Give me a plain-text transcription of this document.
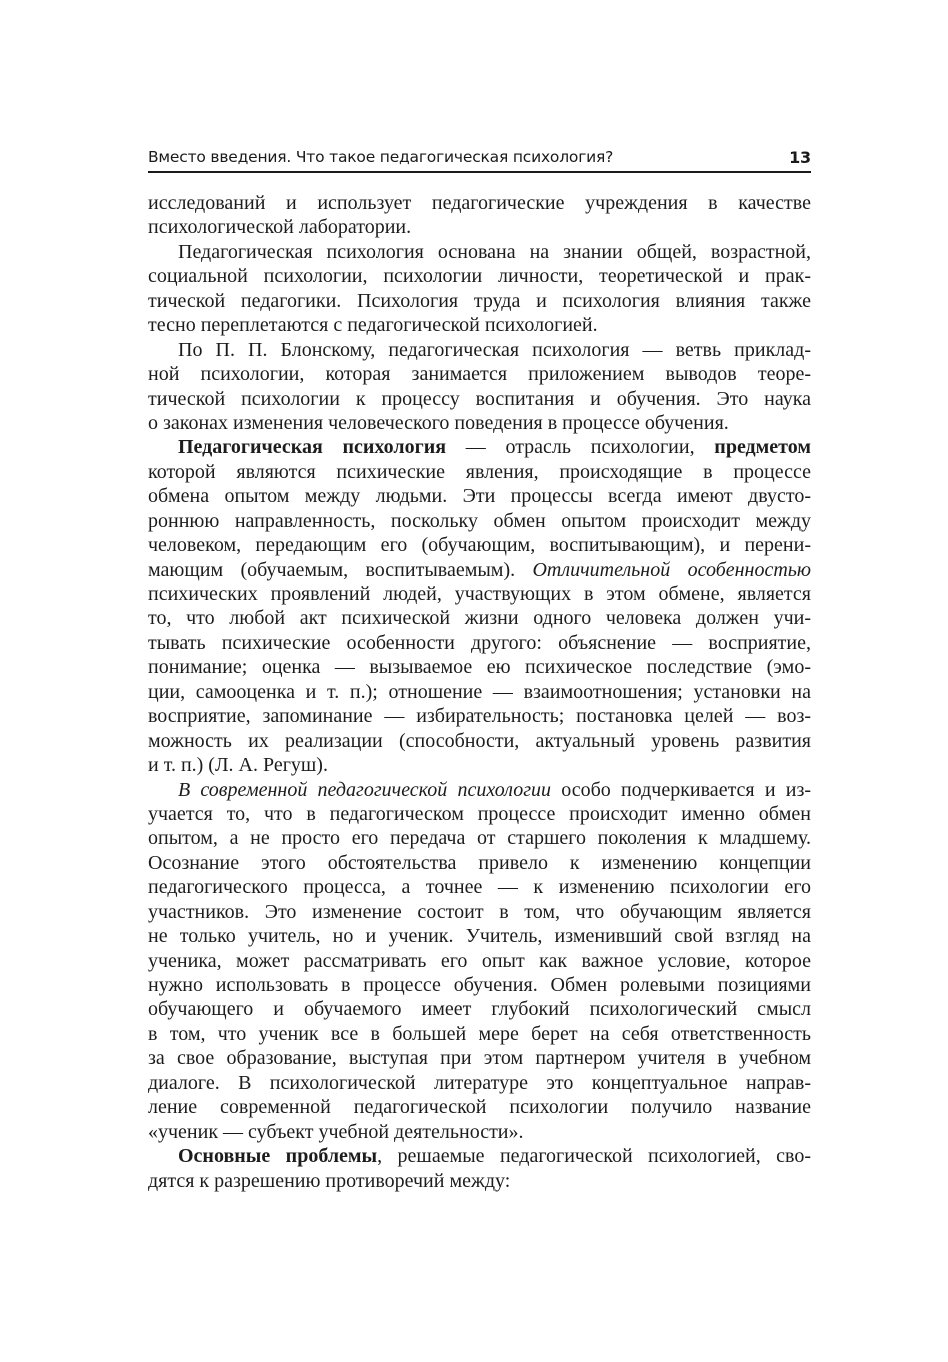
Вместо введения. Что такое педагогическая психология?	13
исследований и использует педагогические учреждения в качестве
психологической лаборатории.
Педагогическая психология основана на знании общей, возрастной,
социальной психологии, психологии личности, теоретической и прак-
тической педагогики. Психология труда и психология влияния также
тесно переплетаются с педагогической психологией.
По П. П. Блонскому, педагогическая психология — ветвь приклад-
ной психологии, которая занимается приложением выводов теоре-
тической психологии к процессу воспитания и обучения. Это наука
о законах изменения человеческого поведения в процессе обучения.
Педагогическая психология — отрасль психологии, предметом
которой являются психические явления, происходящие в процессе
обмена опытом между людьми. Эти процессы всегда имеют двусто-
роннюю направленность, поскольку обмен опытом происходит между
человеком, передающим его (обучающим, воспитывающим), и перени-
мающим (обучаемым, воспитываемым). Отличительной особенностью
психических проявлений людей, участвующих в этом обмене, является
то, что любой акт психической жизни одного человека должен учи-
тывать психические особенности другого: объяснение — восприятие,
понимание; оценка — вызываемое ею психическое последствие (эмо-
ции, самооценка и т. п.); отношение — взаимоотношения; установки на
восприятие, запоминание — избирательность; постановка целей — воз-
можность их реализации (способности, актуальный уровень развития
и т. п.) (Л. А. Регуш).
В современной педагогической психологии особо подчеркивается и из-
учается то, что в педагогическом процессе происходит именно обмен
опытом, а не просто его передача от старшего поколения к младшему.
Осознание этого обстоятельства привело к изменению концепции
педагогического процесса, а точнее — к изменению психологии его
участников. Это изменение состоит в том, что обучающим является
не только учитель, но и ученик. Учитель, изменивший свой взгляд на
ученика, может рассматривать его опыт как важное условие, которое
нужно использовать в процессе обучения. Обмен ролевыми позициями
обучающего и обучаемого имеет глубокий психологический смысл
в том, что ученик все в большей мере берет на себя ответственность
за свое образование, выступая при этом партнером учителя в учебном
диалоге. В психологической литературе это концептуальное направ-
ление современной педагогической психологии получило название
«ученик — субъект учебной деятельности».
Основные проблемы, решаемые педагогической психологией, сво-
дятся к разрешению противоречий между:
